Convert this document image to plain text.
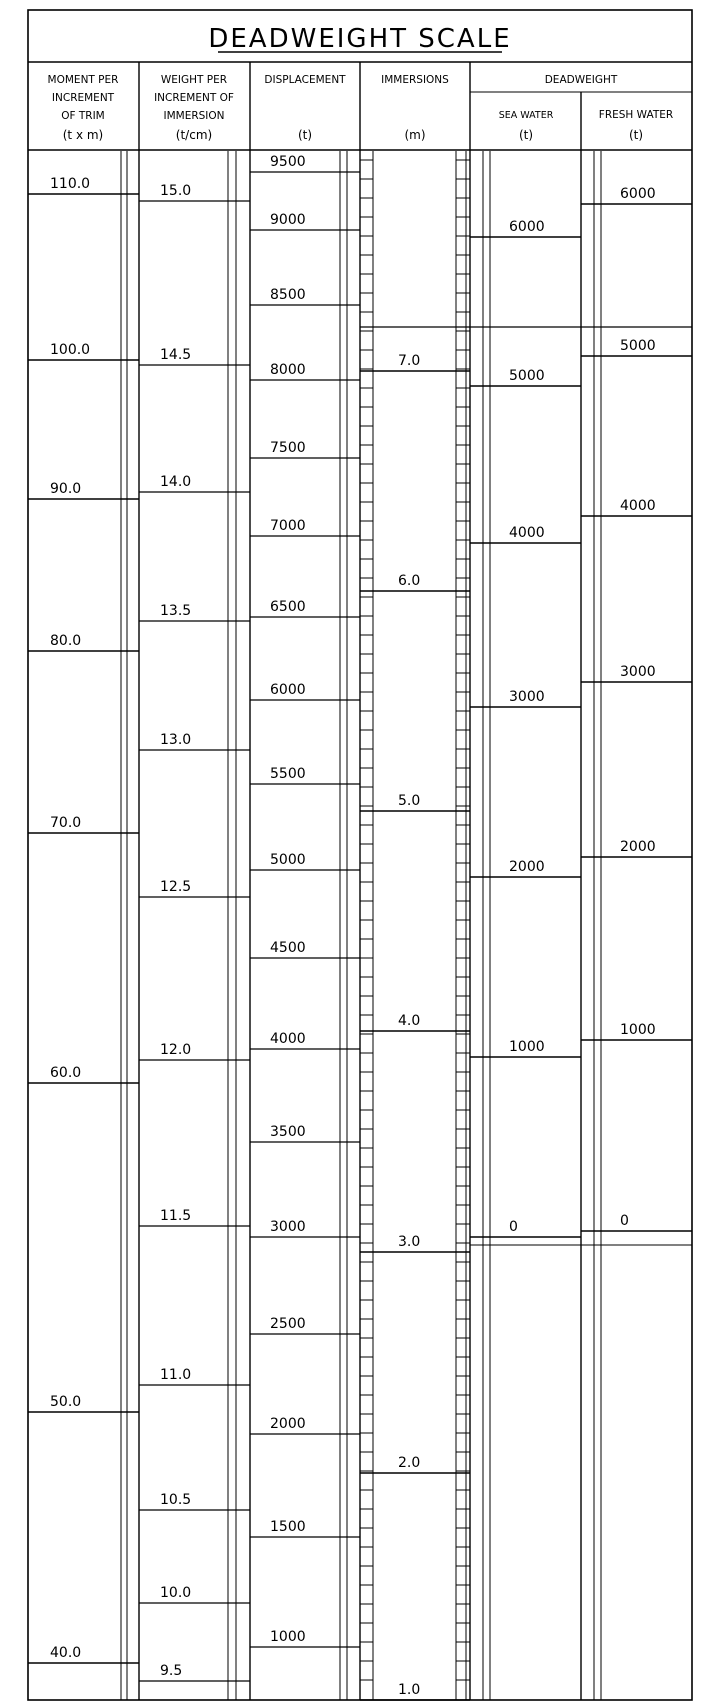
DEADWEIGHT SCALE
MOMENT PER
INCREMENT
OF TRIM
(t x m)
WEIGHT PER
INCREMENT OF
IMMERSION
(t/cm)
DISPLACEMENT
(t)
IMMERSIONS
(m)
DEADWEIGHT
SEA WATER
(t)
FRESH WATER
(t)
110.0
100.0
90.0
80.0
70.0
60.0
50.0
40.0
15.0
14.5
14.0
13.5
13.0
12.5
12.0
11.5
11.0
10.5
10.0
9.5
9500
9000
8500
8000
7500
7000
6500
6000
5500
5000
4500
4000
3500
3000
2500
2000
1500
1000
7.0
6.0
5.0
4.0
3.0
2.0
1.0
6000
5000
4000
3000
2000
1000
0
6000
5000
4000
3000
2000
1000
0
